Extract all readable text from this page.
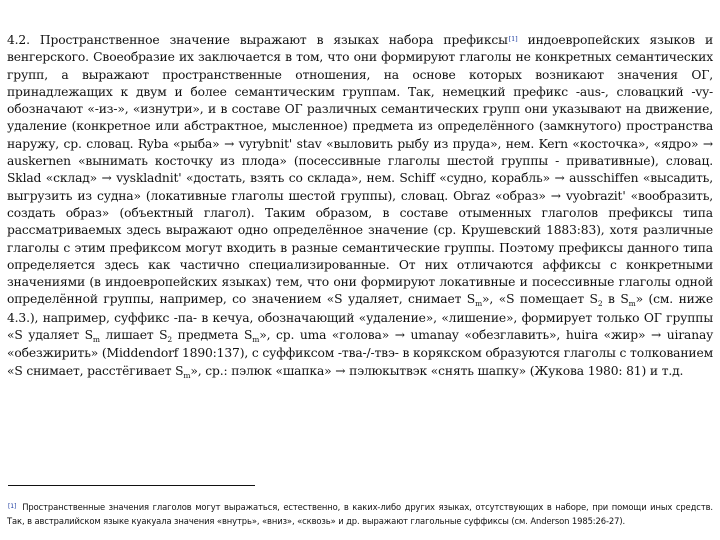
4.2. Пространственное значение выражают в языках набора префиксы[1] индоевропейских языков и венгерского. Своеобразие их заключается в том, что они формируют глаголы не конкретных семантических групп, а выражают пространственные отношения, на основе которых возникают значения ОГ, принадлежащих к двум и более семантическим группам. Так, немецкий префикс -aus-, словацкий -vy- обозначают «-из-», «изнутри», и в составе ОГ различных семантических групп они указывают на движение, удаление (конкретное или абстрактное, мысленное) предмета из определённого (замкнутого) пространства наружу, ср. словац. Ryba «рыба» → vyrybnit' stav «выловить рыбу из пруда», нем. Kern «косточка», «ядро» → auskernen «вынимать косточку из плода» (посессивные глаголы шестой группы - привативные), словац. Sklad «склад» → vyskladnit' «достать, взять со склада», нем. Schiff «судно, корабль» → ausschiffen «высадить, выгрузить из судна» (локативные глаголы шестой группы), словац. Obraz «образ» → vyobrazit' «вообразить, создать образ» (объектный глагол). Таким образом, в составе отыменных глаголов префиксы типа рассматриваемых здесь выражают одно определённое значение (ср. Крушевский 1883:83), хотя различные глаголы с этим префиксом могут входить в разные семантические группы. Поэтому префиксы данного типа определяется здесь как частично специализированные. От них отличаются аффиксы с конкретными значениями (в индоевропейских языках) тем, что они формируют локативные и посессивные глаголы одной определённой группы, например, со значением «S удаляет, снимает $S_m$», «S помещает $S_2$ в $S_m$» (см. ниже 4.3.), например, суффикс -па- в кечуа, обозначающий «удаление», «лишение», формирует только ОГ группы «S удаляет $S_m$ лишает $S_2$ предмета $S_m$», ср. uma «голова» → umanay «обезглавить», huira «жир» → uiranay «обезжирить» (Middendorf 1890:137), с суффиксом -твa-/-твэ- в корякском образуются глаголы с толкованием «S снимает, расстёгивает $S_m$», ср.: пэлюк «шапка» → пэлюкытвэк «снять шапку» (Жукова 1980: 81) и т.д.

[1] Пространственные значения глаголов могут выражаться, естественно, в каких-либо других языках, отсутствующих в наборе, при помощи иных средств. Так, в австралийском языке куакуала значения «внутрь», «вниз», «сквозь» и др. выражают глагольные суффиксы (см. Anderson 1985:26-27).
